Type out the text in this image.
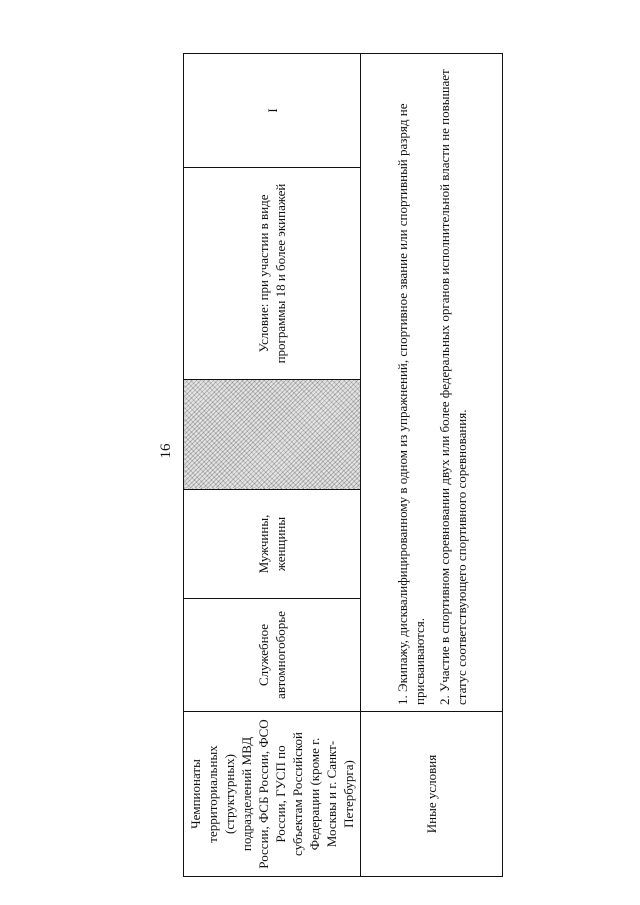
16
Чемпионаты территориальных (структурных) подразделений МВД России, ФСБ России, ФСО России, ГУСП по субъектам Российской Федерации (кроме г. Москвы и г. Санкт-Петербурга)	Служебное автомногоборье	Мужчины, женщины		Условие: при участии в виде программы 18 и более экипажей	I
Иные условия	1. Экипажу, дисквалифицированному в одном из упражнений, спортивное звание или спортивный разряд не присваиваются. 2. Участие в спортивном соревновании двух или более федеральных органов исполнительной власти не повышает статус соответствующего спортивного соревнования.				
